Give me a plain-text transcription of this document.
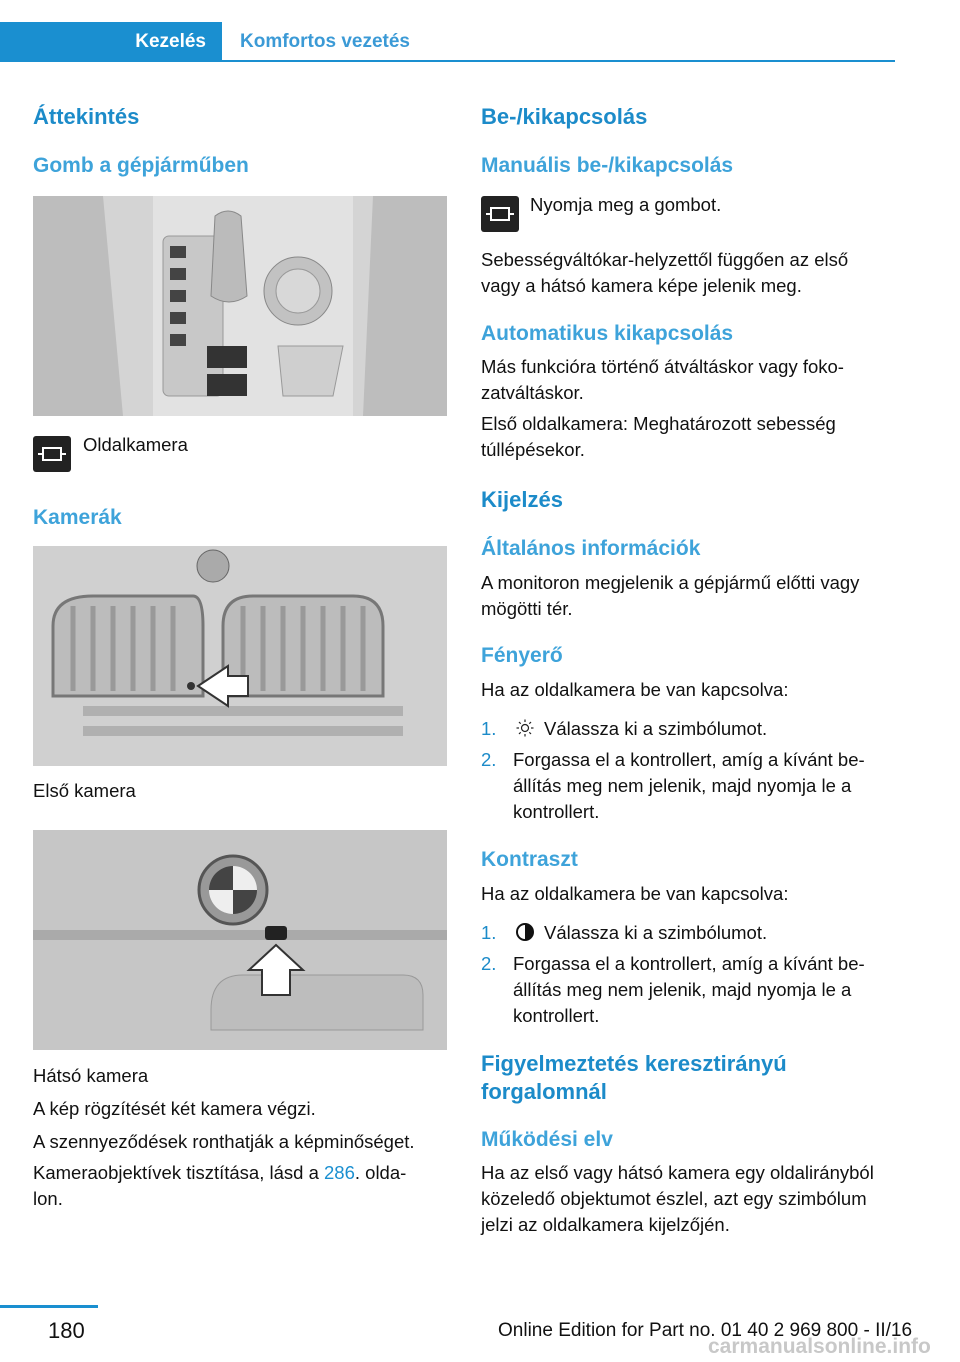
Kezelés	Komfortos vezetés
Áttekintés
Gomb a gépjárműben
Oldalkamera
Kamerák
Első kamera
Hátsó kamera
A kép rögzítését két kamera végzi.
A szennyeződések ronthatják a képminőséget.
Kameraobjektívek tisztítása, lásd a 286. olda-
lon.
Be-/kikapcsolás
Manuális be-/kikapcsolás
Nyomja meg a gombot.
Sebességváltókar-helyzettől függően az első
vagy a hátsó kamera képe jelenik meg.
Automatikus kikapcsolás
Más funkcióra történő átváltáskor vagy foko-
zatváltáskor.
Első oldalkamera: Meghatározott sebesség
túllépésekor.
Kijelzés
Általános információk
A monitoron megjelenik a gépjármű előtti vagy
mögötti tér.
Fényerő
Ha az oldalkamera be van kapcsolva:
1.	Válassza ki a szimbólumot.
2. Forgassa el a kontrollert, amíg a kívánt be-
állítás meg nem jelenik, majd nyomja le a
kontrollert.
Kontraszt
Ha az oldalkamera be van kapcsolva:
1.	Válassza ki a szimbólumot.
2. Forgassa el a kontrollert, amíg a kívánt be-
állítás meg nem jelenik, majd nyomja le a
kontrollert.
Figyelmeztetés keresztirányú
forgalomnál
Működési elv
Ha az első vagy hátsó kamera egy oldalirányból
közeledő objektumot észlel, azt egy szimbólum
jelzi az oldalkamera kijelzőjén.
180	Online Edition for Part no. 01 40 2 969 800 - II/16
carmanualsonline.info
